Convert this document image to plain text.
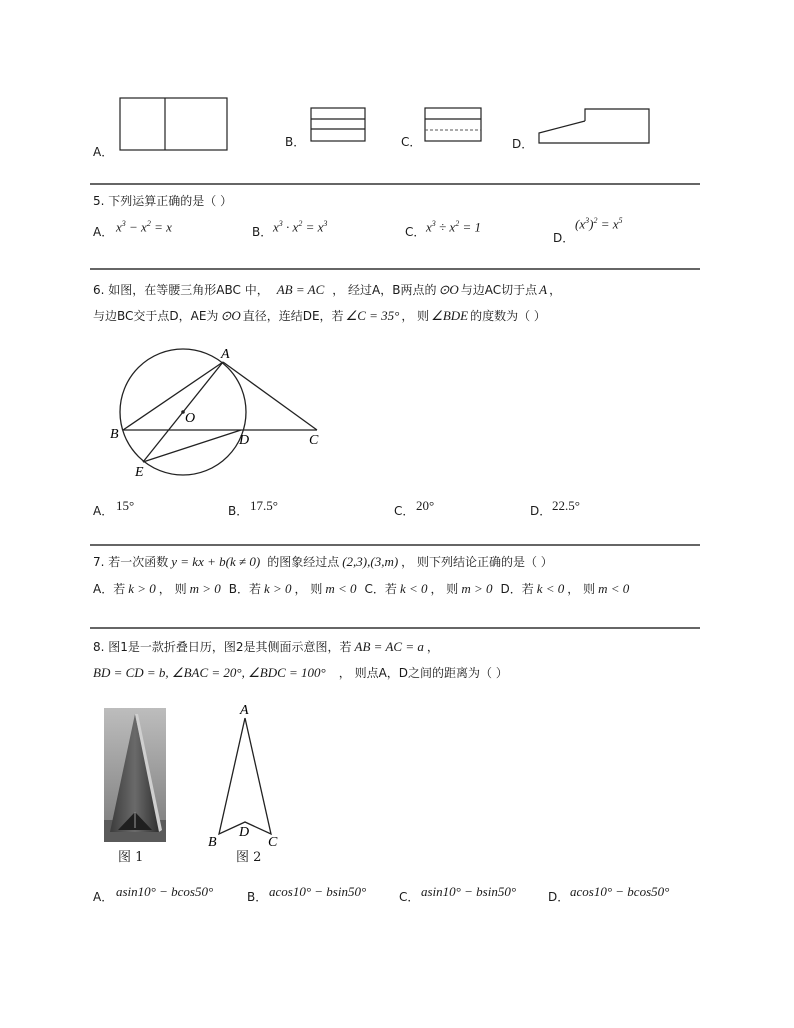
A．
B．	C．	D．
5. 下列运算正确的是（ ）
A． $x^3 - x^2 = x$	B． $x^3 \cdot x^2 = x^3$
C． $x^3 \div x^2 = 1$
D．
$(x^3)^2 = x^5$
6. 如图，在等腰三角形ABC 中， AB = AC ， 经过A，B两点的 ⊙O 与边AC切于点 A ，
与边BC交于点D，AE为 ⊙O 直径，连结DE，若 ∠C = 35° ， 则 ∠BDE 的度数为（ ）
A
B	C
D
E
O
A． 15°	B． 17.5°	C． 20°	D． 22.5°
7. 若一次函数 y = kx + b(k ≠ 0) 的图象经过点 (2,3),(3,m) ， 则下列结论正确的是（ ）
A．若 k > 0 ， 则 m > 0 B．若 k > 0 ， 则 m < 0 C．若 k < 0 ， 则 m > 0 D．若 k < 0 ， 则 m < 0
8. 图1是一款折叠日历，图2是其侧面示意图，若 AB = AC = a ，
BD = CD = b, ∠BAC = 20°, ∠BDC = 100° ， 则点A，D之间的距离为（ ）
图 1
A
B
D
C
图 2
A． asin10° − bcos50°	B． acos10° − bsin50°	C． asin10° − bsin50°	D． acos10° − bcos50°
